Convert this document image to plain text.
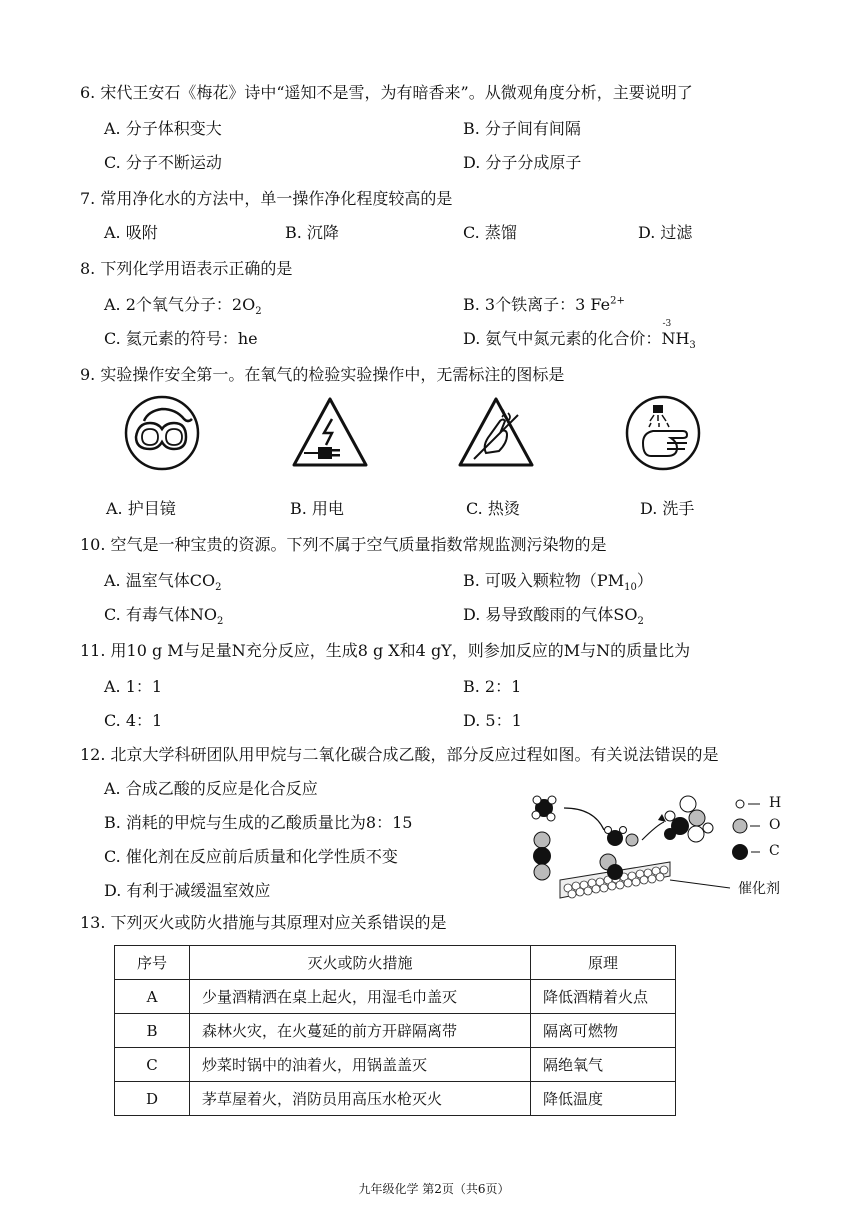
6. 宋代王安石《梅花》诗中“遥知不是雪，为有暗香来”。从微观角度分析，主要说明了
A. 分子体积变大	B. 分子间有间隔
C. 分子不断运动	D. 分子分成原子
7. 常用净化水的方法中，单一操作净化程度较高的是
A. 吸附	B. 沉降	C. 蒸馏	D. 过滤
8. 下列化学用语表示正确的是
A. 2个氧气分子：$2O_2$	B. 3个铁离子：3 $Fe^{2+}$
C. 氦元素的符号：he	D. 氨气中氮元素的化合价：
-3
$NH_3$
9. 实验操作安全第一。在氧气的检验实验操作中，无需标注的图标是
A. 护目镜	B. 用电	C. 热烫	D. 洗手
10. 空气是一种宝贵的资源。下列不属于空气质量指数常规监测污染物的是
A. 温室气体$CO_2$	B. 可吸入颗粒物$(PM_{10})$
C. 有毒气体$NO_2$	D. 易导致酸雨的气体$SO_2$
11. 用10 g M与足量N充分反应，生成8 g X和4 gY，则参加反应的M与N的质量比为
A. 1：1	B. 2：1
C. 4：1	D. 5：1
12. 北京大学科研团队用甲烷与二氧化碳合成乙酸，部分反应过程如图。有关说法错误的是
A. 合成乙酸的反应是化合反应
B. 消耗的甲烷与生成的乙酸质量比为8：15
C. 催化剂在反应前后质量和化学性质不变
D. 有利于减缓温室效应
H
O
C
催化剂
13. 下列灭火或防火措施与其原理对应关系错误的是
序号	灭火或防火措施	原理
A	少量酒精洒在桌上起火，用湿毛巾盖灭	降低酒精着火点
B	森林火灾，在火蔓延的前方开辟隔离带	隔离可燃物
C	炒菜时锅中的油着火，用锅盖盖灭	隔绝氧气
D	茅草屋着火，消防员用高压水枪灭火	降低温度
九年级化学 第2页（共6页）
